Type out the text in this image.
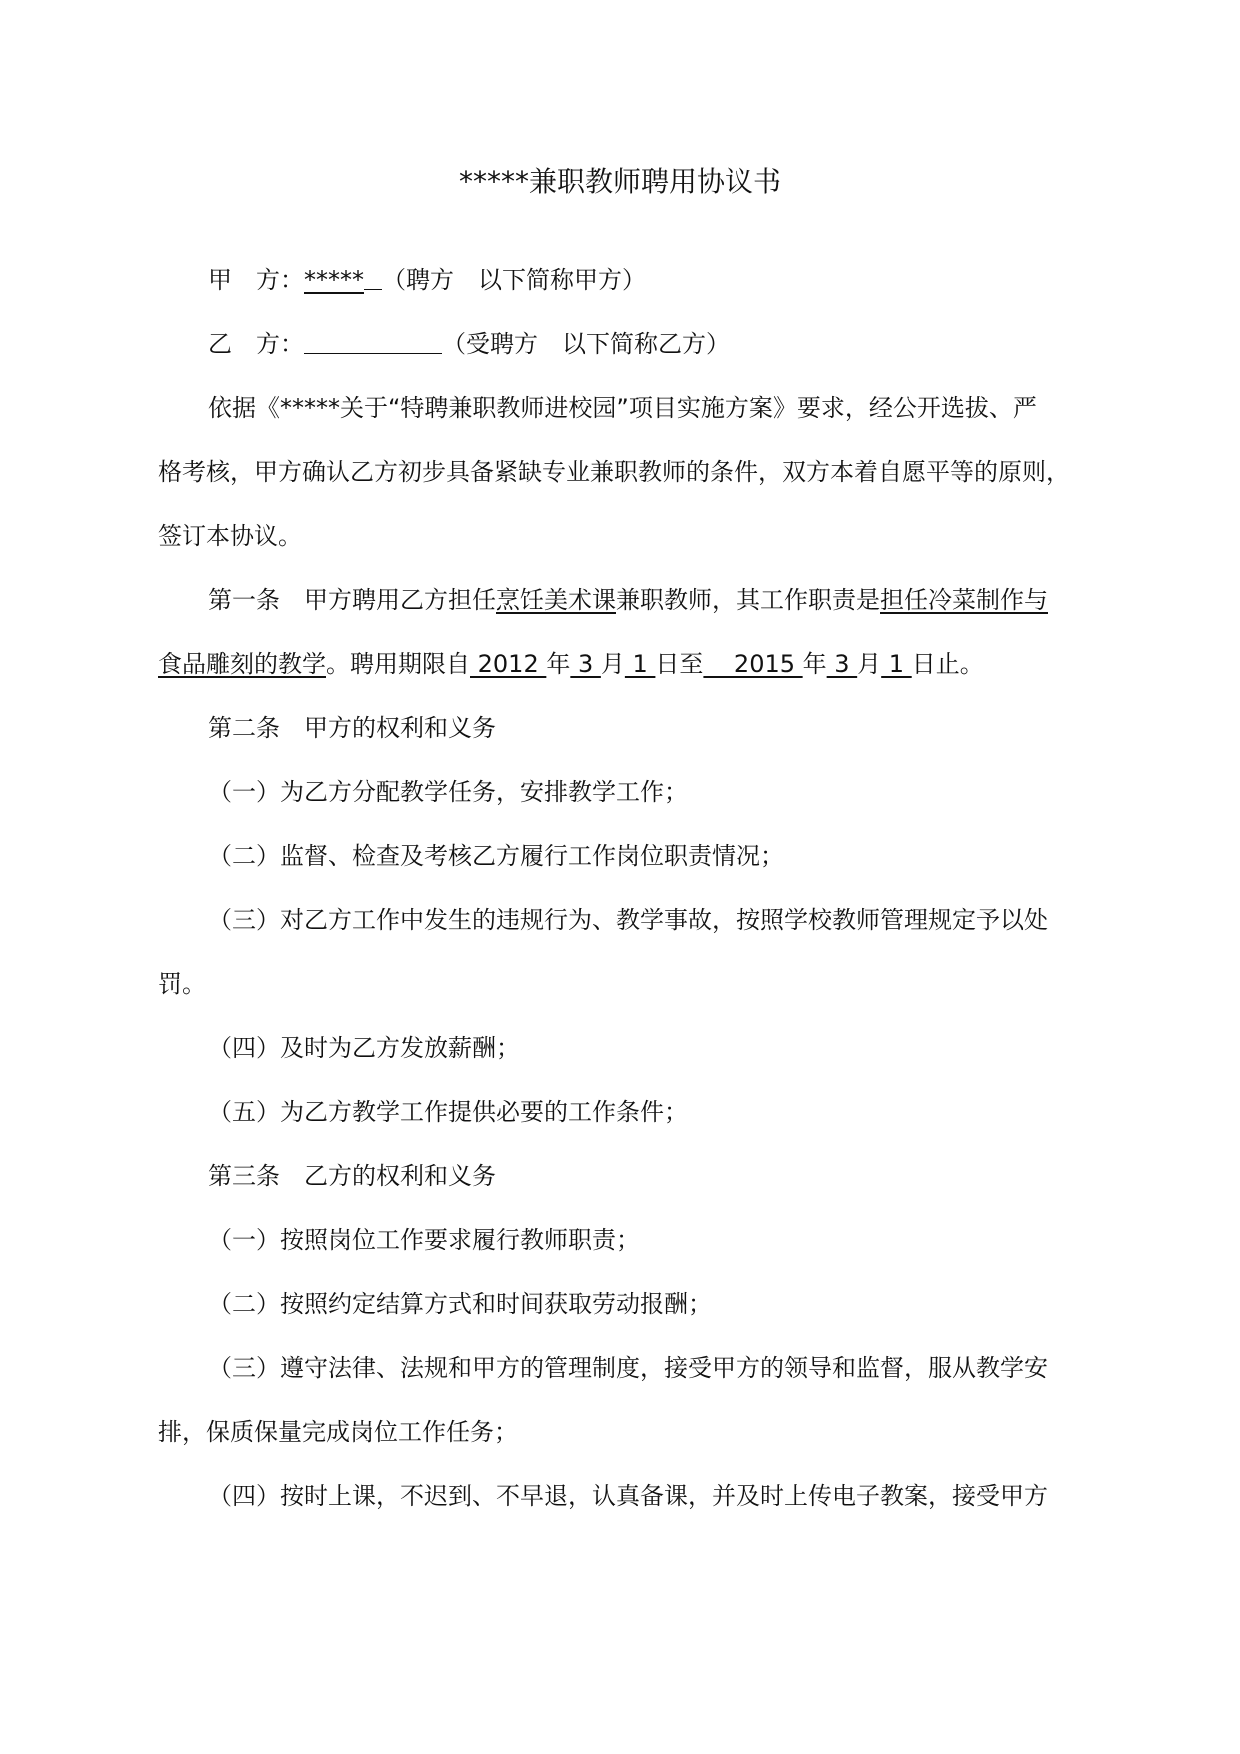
*****兼职教师聘用协议书
甲　方：***** （聘方　以下简称甲方）
乙　方：	（受聘方　以下简称乙方）
依据《*****关于“特聘兼职教师进校园”项目实施方案》要求，经公开选拔、严
格考核，甲方确认乙方初步具备紧缺专业兼职教师的条件，双方本着自愿平等的原则，
签订本协议。
第一条　甲方聘用乙方担任烹饪美术课兼职教师，其工作职责是担任冷菜制作与
食品雕刻的教学。聘用期限自 2012 年 3 月 1 日至    2015 年 3 月 1 日止。
第二条　甲方的权利和义务
（一）为乙方分配教学任务，安排教学工作；
（二）监督、检查及考核乙方履行工作岗位职责情况；
（三）对乙方工作中发生的违规行为、教学事故，按照学校教师管理规定予以处
罚。
（四）及时为乙方发放薪酬；
（五）为乙方教学工作提供必要的工作条件；
第三条　乙方的权利和义务
（一）按照岗位工作要求履行教师职责；
（二）按照约定结算方式和时间获取劳动报酬；
（三）遵守法律、法规和甲方的管理制度，接受甲方的领导和监督，服从教学安
排，保质保量完成岗位工作任务；
（四）按时上课，不迟到、不早退，认真备课，并及时上传电子教案，接受甲方
